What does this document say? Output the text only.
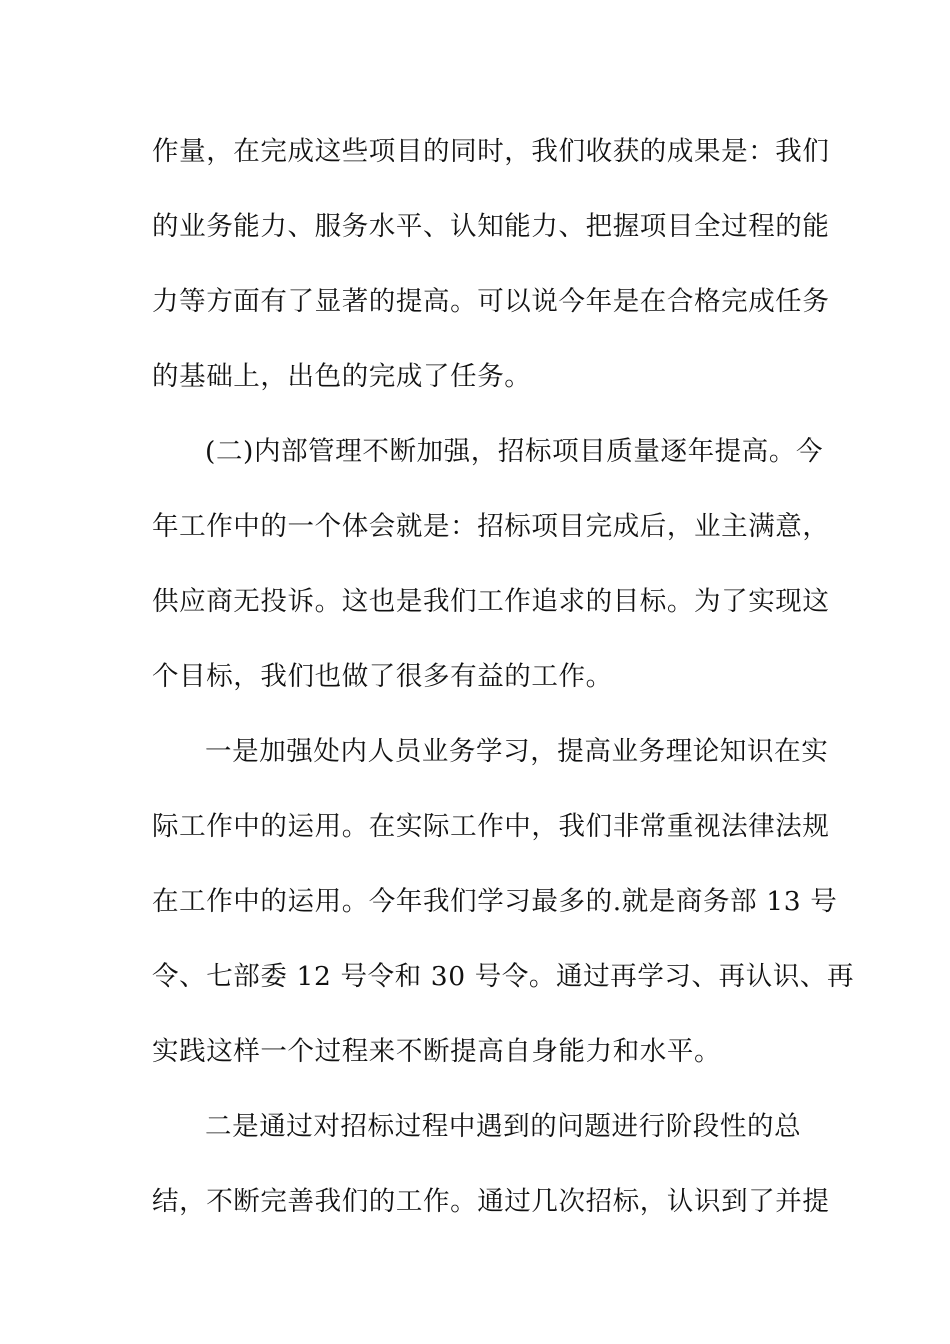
作量，在完成这些项目的同时，我们收获的成果是：我们
的业务能力、服务水平、认知能力、把握项目全过程的能
力等方面有了显著的提高。可以说今年是在合格完成任务
的基础上，出色的完成了任务。
(二)内部管理不断加强，招标项目质量逐年提高。今
年工作中的一个体会就是：招标项目完成后，业主满意，
供应商无投诉。这也是我们工作追求的目标。为了实现这
个目标，我们也做了很多有益的工作。
一是加强处内人员业务学习，提高业务理论知识在实
际工作中的运用。在实际工作中，我们非常重视法律法规
在工作中的运用。今年我们学习最多的.就是商务部 13 号
令、七部委 12 号令和 30 号令。通过再学习、再认识、再
实践这样一个过程来不断提高自身能力和水平。
二是通过对招标过程中遇到的问题进行阶段性的总
结，不断完善我们的工作。通过几次招标，认识到了并提
